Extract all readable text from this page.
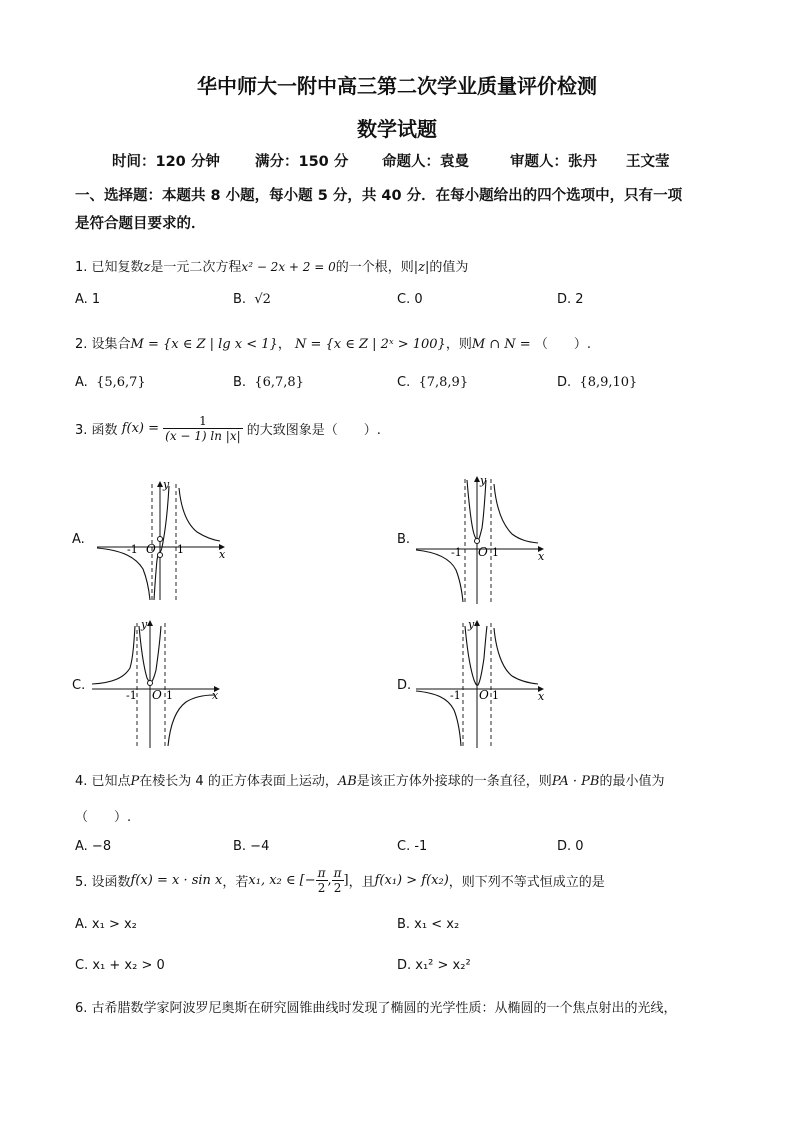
华中师大一附中高三第二次学业质量评价检测
数学试题
时间：120 分钟 满分：150 分 命题人：袁曼	审题人：张丹　　王文莹
一、选择题：本题共 8 小题，每小题 5 分，共 40 分．在每小题给出的四个选项中，只有一项
是符合题目要求的．
1. 已知复数z是一元二次方程x² − 2x + 2 = 0的一个根，则|z|的值为
A. 1	B. √2	C. 0	D. 2
2. 设集合M = {x ∈ Z | lg x < 1}， N = {x ∈ Z | 2ˣ > 100}，则M ∩ N = （　　）.
A. {5,6,7}	B. {6,7,8}	C. {7,8,9}	D. {8,9,10}
3. 函数 $f(x) = \frac{1}{(x - 1) \ln |x|}$ 的大致图象是（　　）.
A.	B.
C.	D.
-1 O 1	x
y
-1 O 1	x
y
-1 O 1	x
y
-1 O 1	x
y
4. 已知点P在棱长为 4 的正方体表面上运动，AB是该正方体外接球的一条直径，则PA · PB的最小值为
（　　）.
A. −8	B. −4	C. -1	D. 0
5. 设函数f(x) = x · sin x，若x₁, x₂ ∈ [− $\frac{\pi}{2}$ , $\frac{\pi}{2}$ ]，且f(x₁) > f(x₂)，则下列不等式恒成立的是
A. x₁ > x₂	B. x₁ < x₂
C. x₁ + x₂ > 0	D. x₁² > x₂²
6. 古希腊数学家阿波罗尼奥斯在研究圆锥曲线时发现了椭圆的光学性质：从椭圆的一个焦点射出的光线，
